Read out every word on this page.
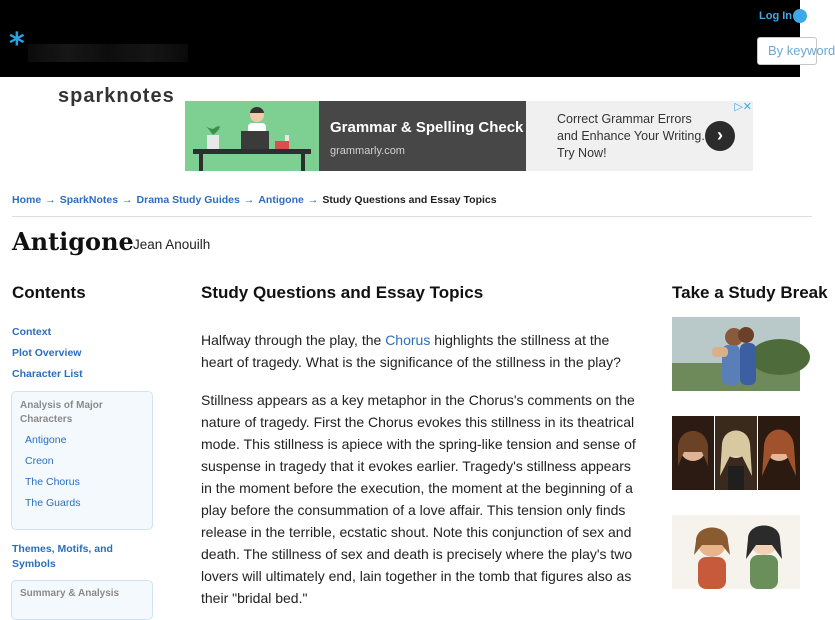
*
sparknotes
Log In
By keyword
Grammar & Spelling Check
grammarly.com
Correct Grammar Errors and Enhance Your Writing. Try Now!
›
▷✕
Home → SparkNotes → Drama Study Guides → Antigone → Study Questions and Essay Topics
Antigone Jean Anouilh
Contents
Context
Plot Overview
Character List
Analysis of Major Characters
Antigone
Creon
The Chorus
The Guards
Themes, Motifs, and Symbols
Summary & Analysis
Study Questions and Essay Topics

Halfway through the play, the Chorus highlights the stillness at the heart of tragedy. What is the significance of the stillness in the play?

Stillness appears as a key metaphor in the Chorus's comments on the nature of tragedy. First the Chorus evokes this stillness in its theatrical mode. This stillness is apiece with the spring-like tension and sense of suspense in tragedy that it evokes earlier. Tragedy's stillness appears in the moment before the execution, the moment at the beginning of a play before the consummation of a love affair. This tension only finds release in the terrible, ecstatic shout. Note this conjunction of sex and death. The stillness of sex and death is precisely where the play's two lovers will ultimately end, lain together in the tomb that figures also as their "bridal bed."

Take a Study Break
